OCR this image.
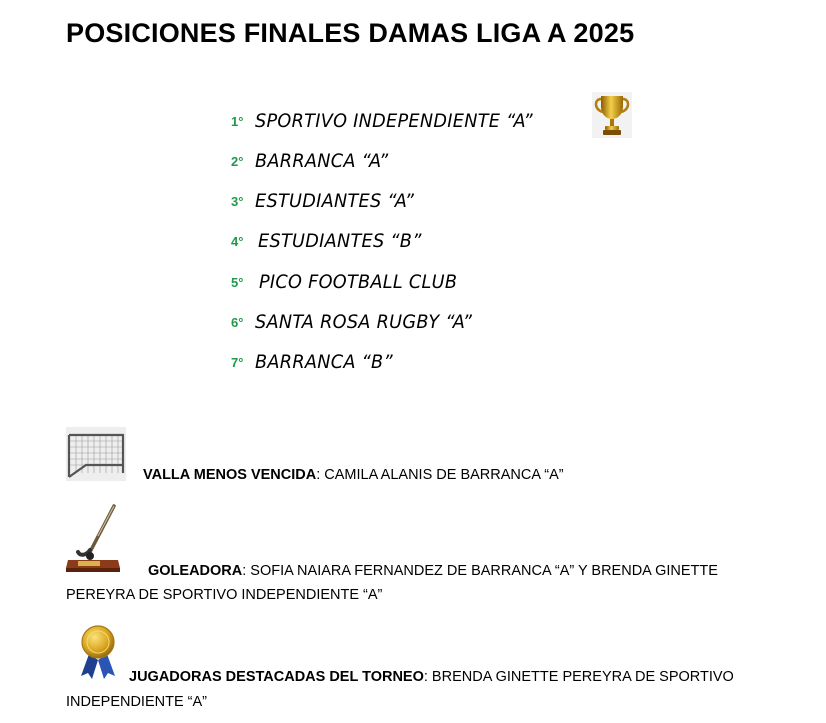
POSICIONES FINALES DAMAS LIGA A 2025
1° SPORTIVO INDEPENDIENTE “A”
2° BARRANCA “A”
3° ESTUDIANTES “A”
4° ESTUDIANTES “B”
5° PICO FOOTBALL CLUB
6° SANTA ROSA RUGBY “A”
7° BARRANCA “B”
VALLA MENOS VENCIDA: CAMILA ALANIS DE BARRANCA “A”
GOLEADORA: SOFIA NAIARA FERNANDEZ DE BARRANCA “A” Y BRENDA GINETTE
PEREYRA DE SPORTIVO INDEPENDIENTE “A”
JUGADORAS DESTACADAS DEL TORNEO: BRENDA GINETTE PEREYRA DE SPORTIVO
INDEPENDIENTE “A”
